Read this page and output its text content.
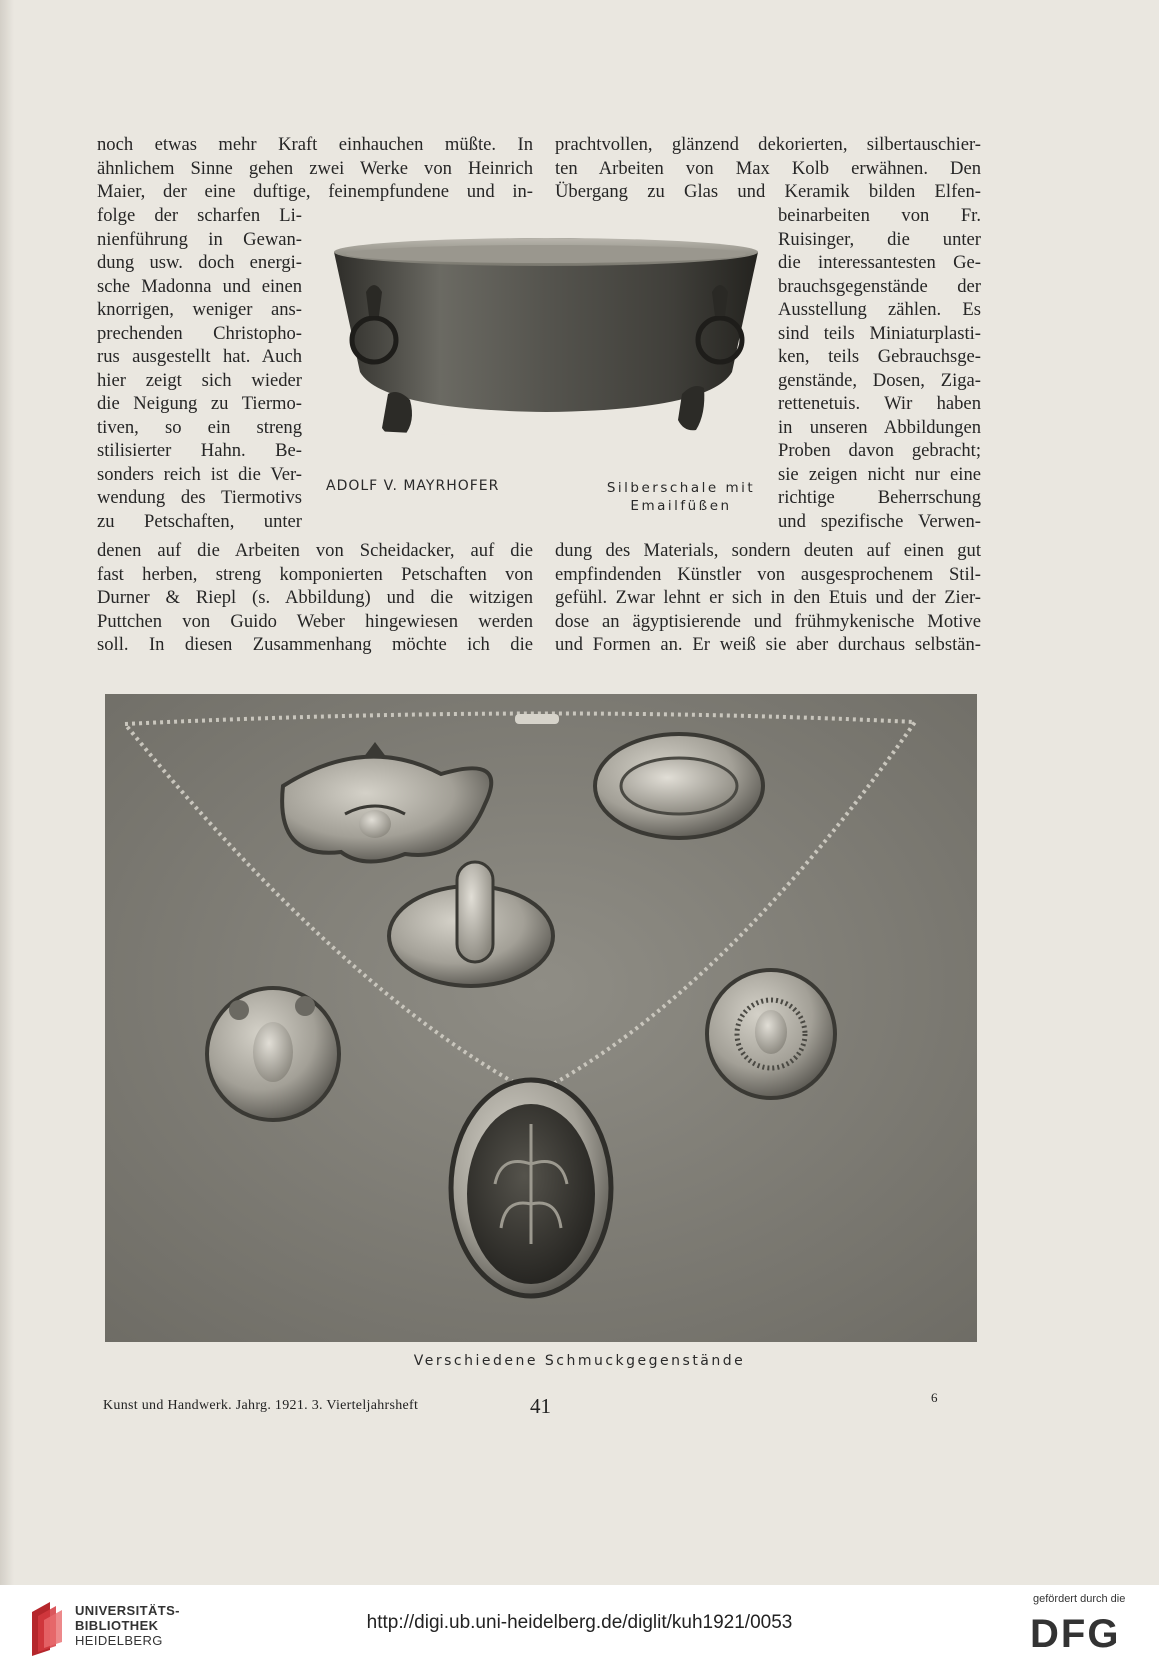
noch etwas mehr Kraft einhauchen müßte. In
ähnlichem Sinne gehen zwei Werke von Heinrich
Maier, der eine duftige, feinempfundene und in-
folge der scharfen Li-
nienführung in Gewan-
dung usw. doch energi-
sche Madonna und einen
knorrigen, weniger ans-
prechenden Christopho-
rus ausgestellt hat. Auch
hier zeigt sich wieder
die Neigung zu Tiermo-
tiven, so ein streng
stilisierter Hahn. Be-
sonders reich ist die Ver-
wendung des Tiermotivs
zu Petschaften, unter
denen auf die Arbeiten von Scheidacker, auf die
fast herben, streng komponierten Petschaften von
Durner & Riepl (s. Abbildung) und die witzigen
Puttchen von Guido Weber hingewiesen werden
soll. In diesen Zusammenhang möchte ich die
prachtvollen, glänzend dekorierten, silbertauschier-
ten Arbeiten von Max Kolb erwähnen. Den
Übergang zu Glas und Keramik bilden Elfen-
beinarbeiten von Fr.
Ruisinger, die unter
die interessantesten Ge-
brauchsgegenstände der
Ausstellung zählen. Es
sind teils Miniaturplasti-
ken, teils Gebrauchsge-
genstände, Dosen, Ziga-
rettenetuis. Wir haben
in unseren Abbildungen
Proben davon gebracht;
sie zeigen nicht nur eine
richtige Beherrschung
und spezifische Verwen-
dung des Materials, sondern deuten auf einen gut
empfindenden Künstler von ausgesprochenem Stil-
gefühl. Zwar lehnt er sich in den Etuis und der Zier-
dose an ägyptisierende und frühmykenische Motive
und Formen an. Er weiß sie aber durchaus selbstän-
ADOLF V. MAYRHOFER	Silberschale mit
Emailfüßen
Verschiedene Schmuckgegenstände
Kunst und Handwerk. Jahrg. 1921. 3. Vierteljahrsheft	41	6
UNIVERSITÄTS-
BIBLIOTHEK
HEIDELBERG
http://digi.ub.uni-heidelberg.de/diglit/kuh1921/0053
gefördert durch die
DFG
